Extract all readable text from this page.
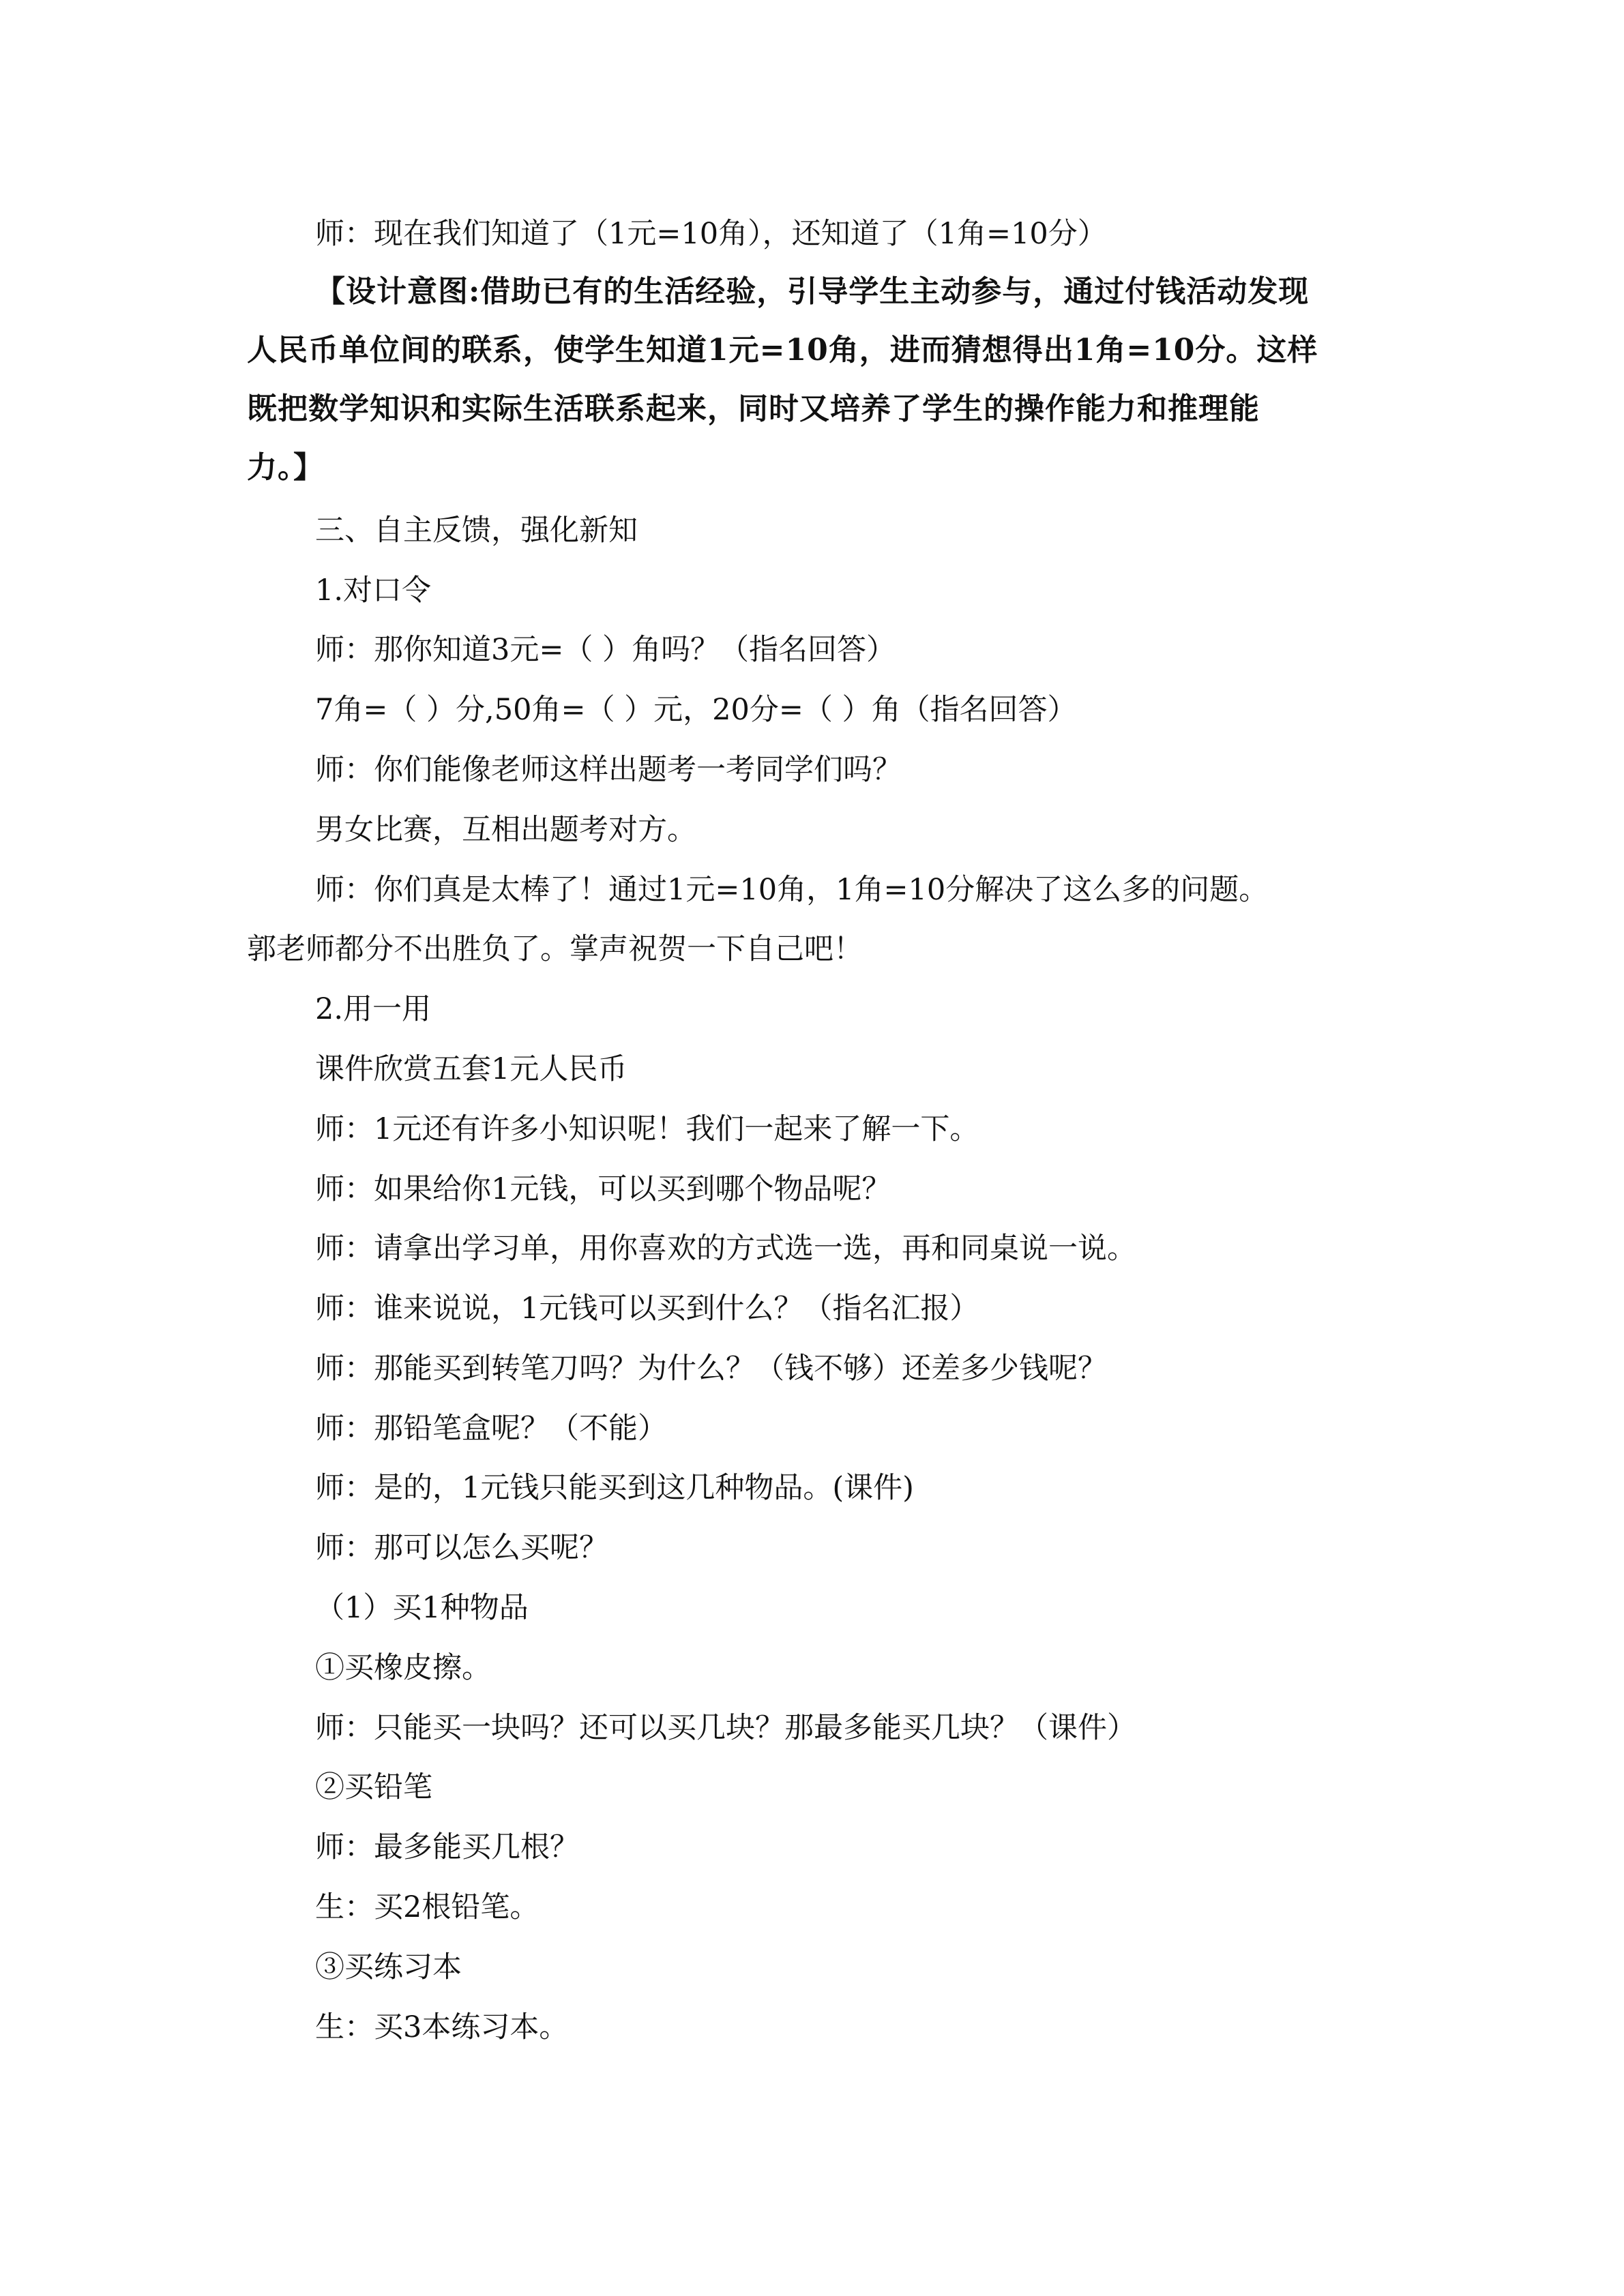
师：现在我们知道了（1元=10角），还知道了（1角=10分）
【设计意图:借助已有的生活经验，引导学生主动参与，通过付钱活动发现
人民币单位间的联系，使学生知道1元=10角，进而猜想得出1角=10分。这样
既把数学知识和实际生活联系起来，同时又培养了学生的操作能力和推理能
力。】
三、自主反馈，强化新知
1.对口令
师：那你知道3元=（ ）角吗？（指名回答）
7角=（ ）分,50角=（ ）元，20分=（ ）角（指名回答）
师：你们能像老师这样出题考一考同学们吗？
男女比赛，互相出题考对方。
师：你们真是太棒了！通过1元=10角，1角=10分解决了这么多的问题。
郭老师都分不出胜负了。掌声祝贺一下自己吧！
2.用一用
课件欣赏五套1元人民币
师：1元还有许多小知识呢！我们一起来了解一下。
师：如果给你1元钱，可以买到哪个物品呢？
师：请拿出学习单，用你喜欢的方式选一选，再和同桌说一说。
师：谁来说说，1元钱可以买到什么？（指名汇报）
师：那能买到转笔刀吗？为什么？（钱不够）还差多少钱呢？
师：那铅笔盒呢？（不能）
师：是的，1元钱只能买到这几种物品。(课件)
师：那可以怎么买呢？
（1）买1种物品
①买橡皮擦。
师：只能买一块吗？还可以买几块？那最多能买几块？（课件）
②买铅笔
师：最多能买几根？
生：买2根铅笔。
③买练习本
生：买3本练习本。
